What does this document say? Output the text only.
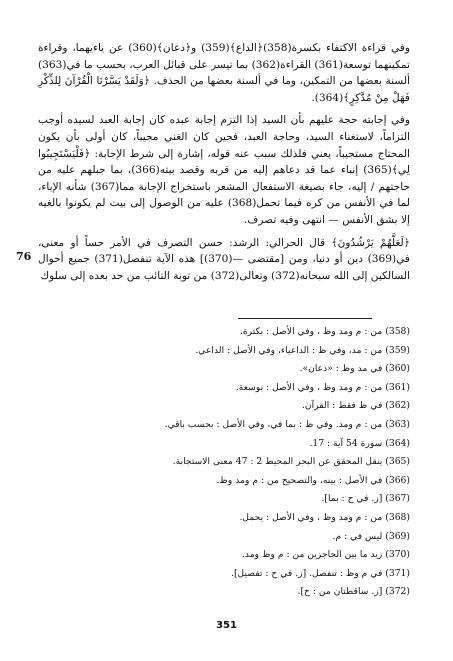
وفي قراءة الاكتفاء بكسرة(358)﴿الداع﴾(359) و﴿دعان﴾(360) عن ياءيهما، وقراءة تمكينهما توسعة(361) القراءة(362) بما تيسر على قبائل العرب، بحسب ما في(363) ألسنة بعضها من التمكين، وما في ألسنة بعضها من الحذف. ﴿وَلَقَدْ يَسَّرْنَا الْقُرْآنَ لِلذِّكْرِ فَهَلْ مِنْ مُدَّكِرٍ﴾(364).

وفي إجابته حجة عليهم بأن السيد إذا التزم إجابة عبده كان إجابة العبد لسيده أوجب التزاماً، لاستغناء السيد، وحاجة العبد، فحين كان الغني مجيباً، كان أولى بأن يكون المحتاج مستجيباً، يعني فلذلك سبب عنه قوله، إشارة إلى شرط الإجابة: ﴿فَلْيَسْتَجِيبُوا لِي﴾(365) إنباء عما قد دعاهم إليه من قربه وقصد بيته(366)، بما جبلهم عليه من حاجتهم / إليه، جاء بصيغة الاستفعال المشعر باستخراج الإجابة مما(367) شأنه الإباء، لما في الأنفس من كره فيما تحمل(368) عليه من الوصول إلى بيت لم يكونوا بالغيه إلا بشق الأنفس — انتهى وفيه تصرف.

﴿لَعَلَّهُمْ يَرْشُدُونَ﴾ قال الحرالي: الرشد: حسن التصرف في الأمر حساً أو معنى، في(369) دين أو دنيا، ومن [مقتضى —(370)] هذه الآية تنفصل(371) جميع أحوال السالكين إلى الله سبحانه(372) وتعالى(372) من توبة التائب من حد بعده إلى سلوك

76
(358) من : م ومد وظ ، وفي الأصل : بكثرة.
(359) من : مد، وفي ظ : الداعياء، وفي الأصل : الداعي.
(360) في مد وظ : «دعان».
(361) من : م ومد وظ ، وفي الأصل : بوسعة.
(362) في ظ فقط : القرآن.
(363) من : م ومد. وفي ظ : بما في، وفي الأصل : بحسب باقي.
(364) سورة 54 آية : 17.
(365) ينقل المحقق عن البحر المحيط 2 : 47 معنى الاستجابة.
(366) في الأصل : بينه، والتصحيح من : م ومد وظ.
(367) [ز. في ح : بما].
(368) من : م ومد وظ ، وفي الأصل : يحمل.
(369) ليس في : م.
(370) زيد ما بين الحاجزين من : م وظ ومد.
(371) في م وظ : تنفصل. [ز. في ح : تفصيل].
(372) [ز. ساقطتان من : ح].
351
